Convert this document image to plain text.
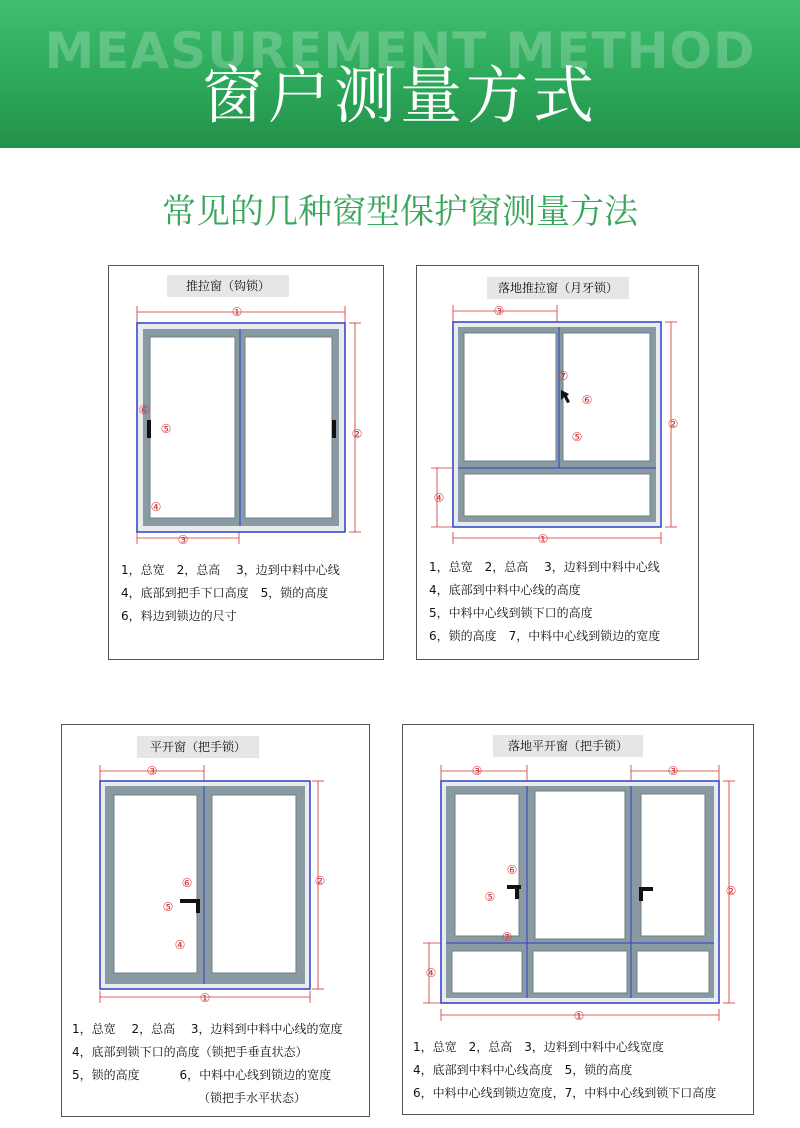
MEASUREMENT METHOD
窗户测量方式
常见的几种窗型保护窗测量方法
推拉窗（钩锁）
①
②
③
④
⑤
⑥
1，总宽　2，总高　 3，边到中料中心线
4，底部到把手下口高度　5，锁的高度
6，料边到锁边的尺寸
落地推拉窗（月牙锁）
①
②
③
④
⑤
⑥
⑦
1，总宽　2，总高　 3，边料到中料中心线
4，底部到中料中心线的高度
5，中料中心线到锁下口的高度
6，锁的高度　7，中料中心线到锁边的宽度
平开窗（把手锁）
①
②
③
④
⑤
⑥
1，总宽　 2，总高　 3，边料到中料中心线的宽度
4，底部到锁下口的高度（锁把手垂直状态）
5，锁的高度　　　 6，中料中心线到锁边的宽度
　　　　　　　　　　　（锁把手水平状态）
落地平开窗（把手锁）
①
②
③	③
④
⑤
⑥
⑦
1，总宽　2，总高　3，边料到中料中心线宽度
4，底部到中料中心线高度　5，锁的高度
6，中料中心线到锁边宽度，7，中料中心线到锁下口高度
